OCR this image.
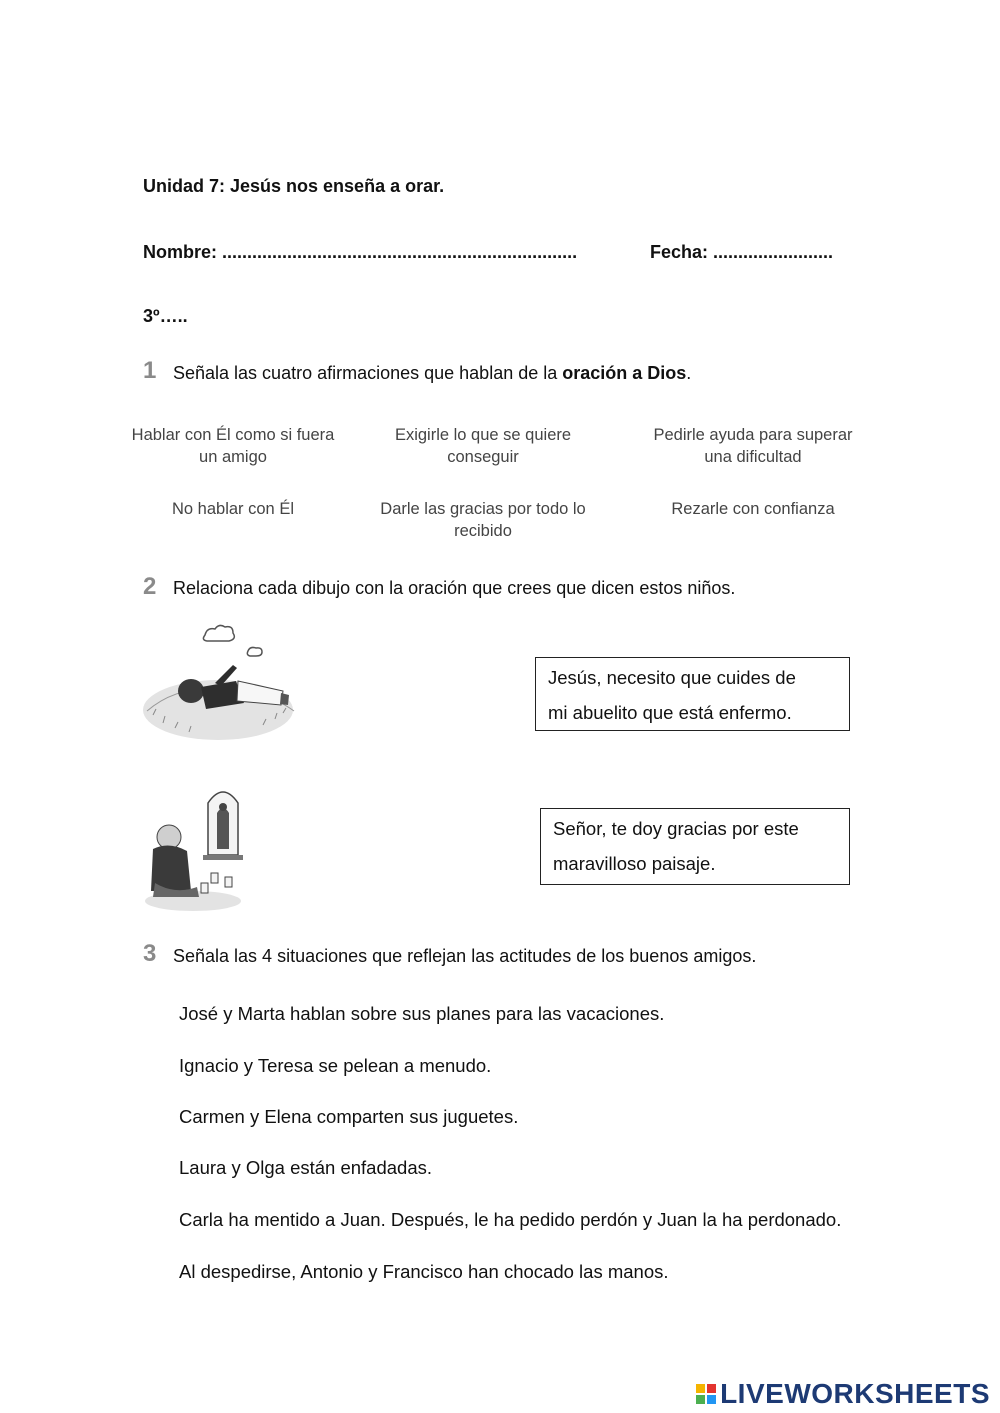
Unidad 7: Jesús nos enseña a orar.
Nombre: .......................................................................	Fecha: ........................
3º…..
1 Señala las cuatro afirmaciones que hablan de la oración a Dios.
Hablar con Él como si fuera un amigo
Exigirle lo que se quiere conseguir
Pedirle ayuda para superar una dificultad
No hablar con Él	Darle las gracias por todo lo recibido
Rezarle con confianza
2 Relaciona cada dibujo con la oración que crees que dicen estos niños.
Jesús, necesito que cuides de
mi abuelito que está enfermo.
Señor, te doy gracias por este
maravilloso paisaje.
3 Señala las 4 situaciones que reflejan las actitudes de los buenos amigos.
José y Marta hablan sobre sus planes para las vacaciones.
Ignacio y Teresa se pelean a menudo.
Carmen y Elena comparten sus juguetes.
Laura y Olga están enfadadas.
Carla ha mentido a Juan. Después, le ha pedido perdón y Juan la ha perdonado.
Al despedirse, Antonio y Francisco han chocado las manos.
LIVEWORKSHEETS
